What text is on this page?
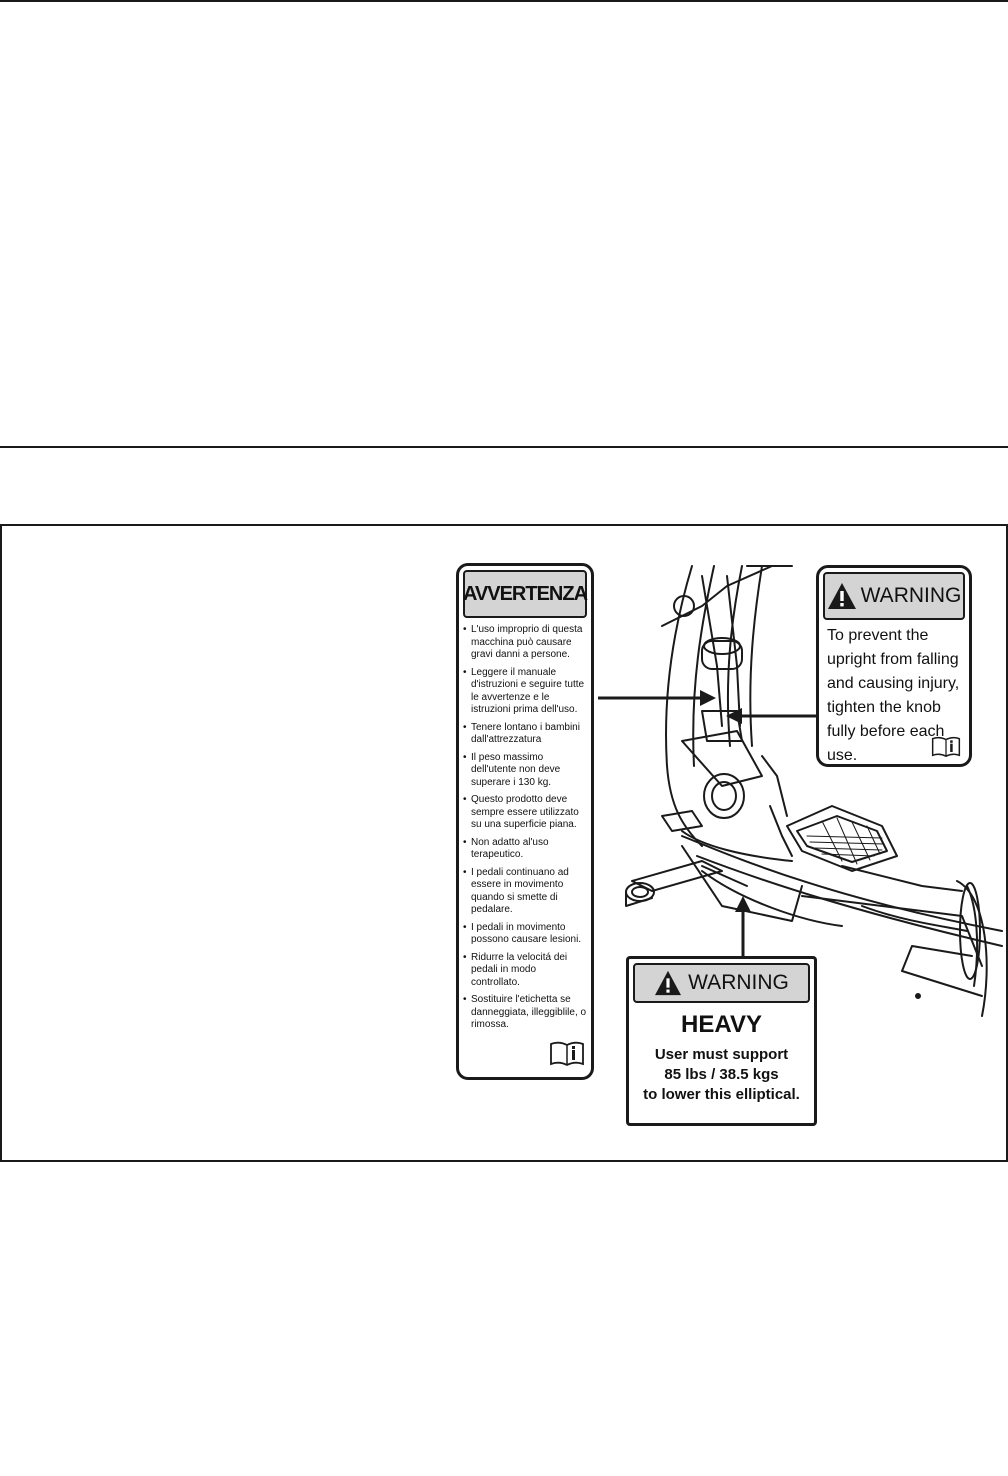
AVVERTENZA
• L'uso improprio di questa macchina può causare gravi danni a persone.
• Leggere il manuale d'istruzioni e seguire tutte le avvertenze e le istruzioni prima dell'uso.
• Tenere lontano i bambini dall'attrezzatura
• Il peso massimo dell'utente non deve superare i 130 kg.
• Questo prodotto deve sempre essere utilizzato su una superficie piana.
• Non adatto al'uso terapeutico.
• I pedali continuano ad essere in movimento quando si smette di pedalare.
• I pedali in movimento possono causare lesioni.
• Ridurre la velocitá dei pedali in modo controllato.
• Sostituire l'etichetta se danneggiata, illeggiblile, o rimossa.
WARNING
To prevent the upright from falling and causing injury, tighten the knob fully before each use.
WARNING
HEAVY
User must support
85 lbs / 38.5 kgs
to lower this elliptical.
